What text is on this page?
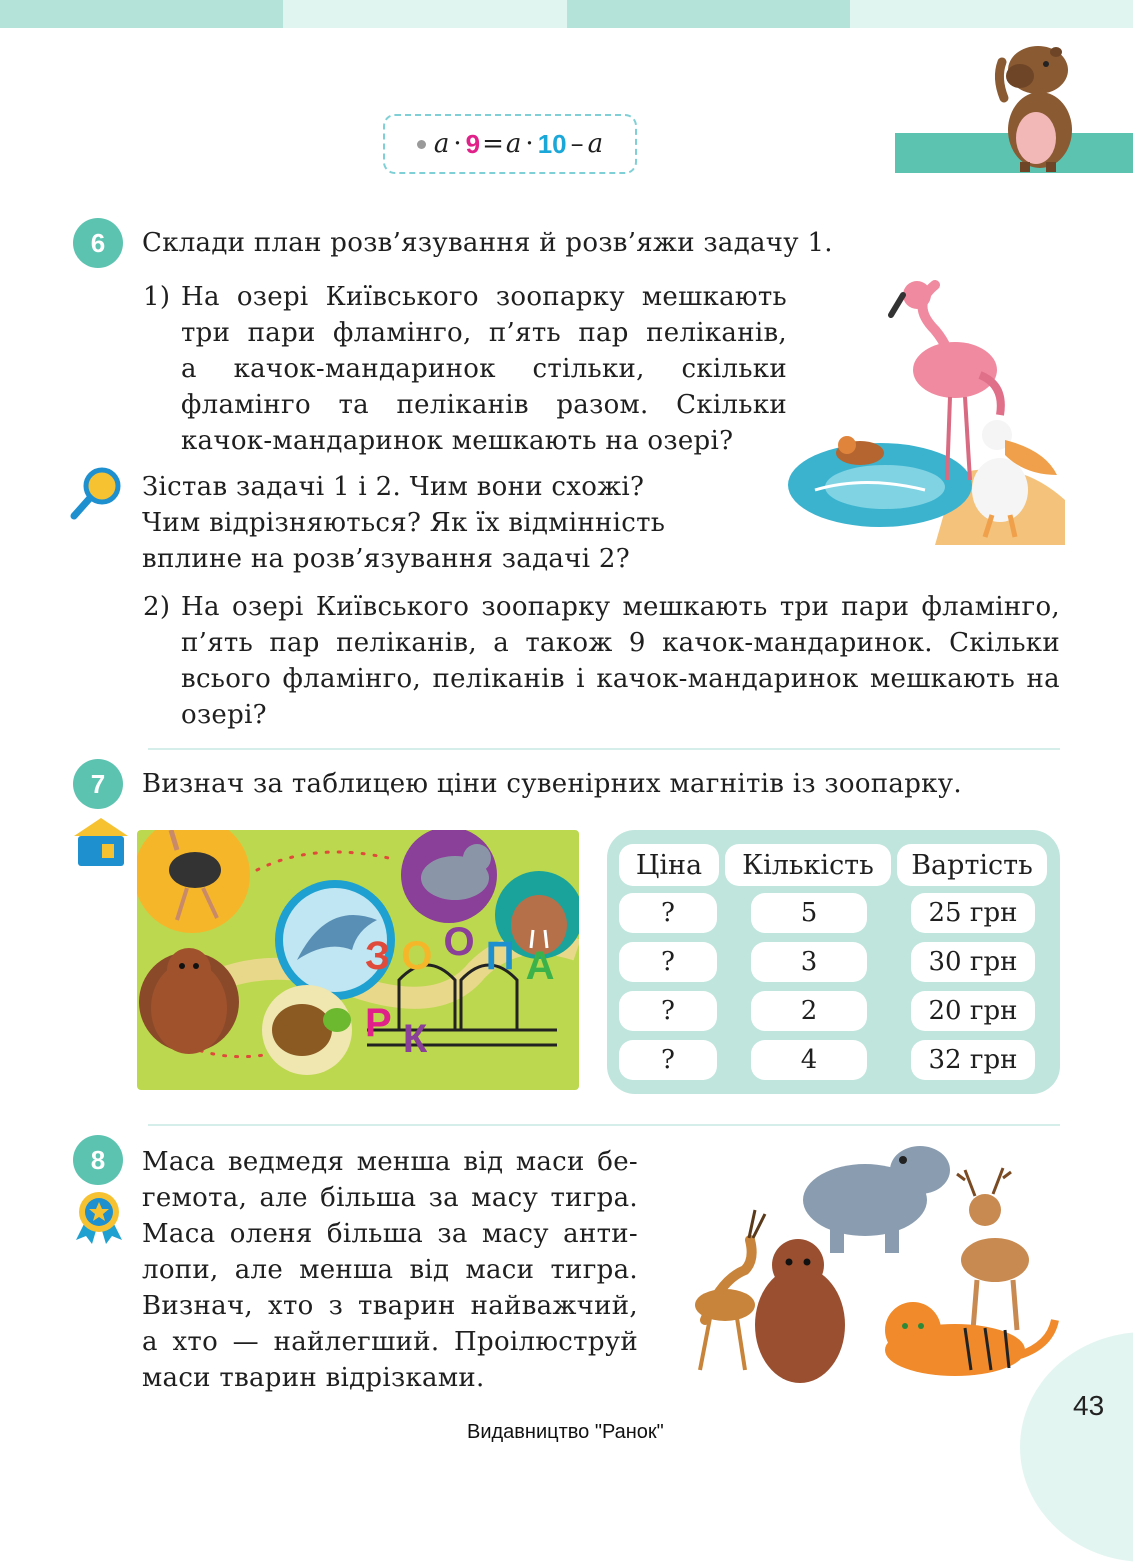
a · 9 = a · 10 – a
6	Склади план розв’язування й розв’яжи задачу 1.
1) На озері Київського зоопарку мешкають
три пари фламінго, п’ять пар пеліканів,
а качок-мандаринок стільки, скільки
фламінго та пеліканів разом. Скільки
качок-мандаринок мешкають на озері?
Зістав задачі 1 і 2. Чим вони схожі?
Чим відрізняються? Як їх відмінність
вплине на розв’язування задачі 2?
2) На озері Київського зоопарку мешкають три пари фламінго,
п’ять пар пеліканів, а також 9 качок-мандаринок. Скільки
всього фламінго, пеліканів і качок-мандаринок мешкають на
озері?
7	Визнач за таблицею ціни сувенірних магнітів із зоопарку.
З О О П А Р К
Ціна	Кількість	Вартість
?	5	25 грн
?	3	30 грн
?	2	20 грн
?	4	32 грн
8	Маса ведмедя менша від маси бе-
гемота, але більша за масу тигра.
Маса оленя більша за масу анти-
лопи, але менша від маси тигра.
Визнач, хто з тварин найважчий,
а хто — найлегший. Проілюструй
маси тварин відрізками.
43
Видавництво "Ранок"
